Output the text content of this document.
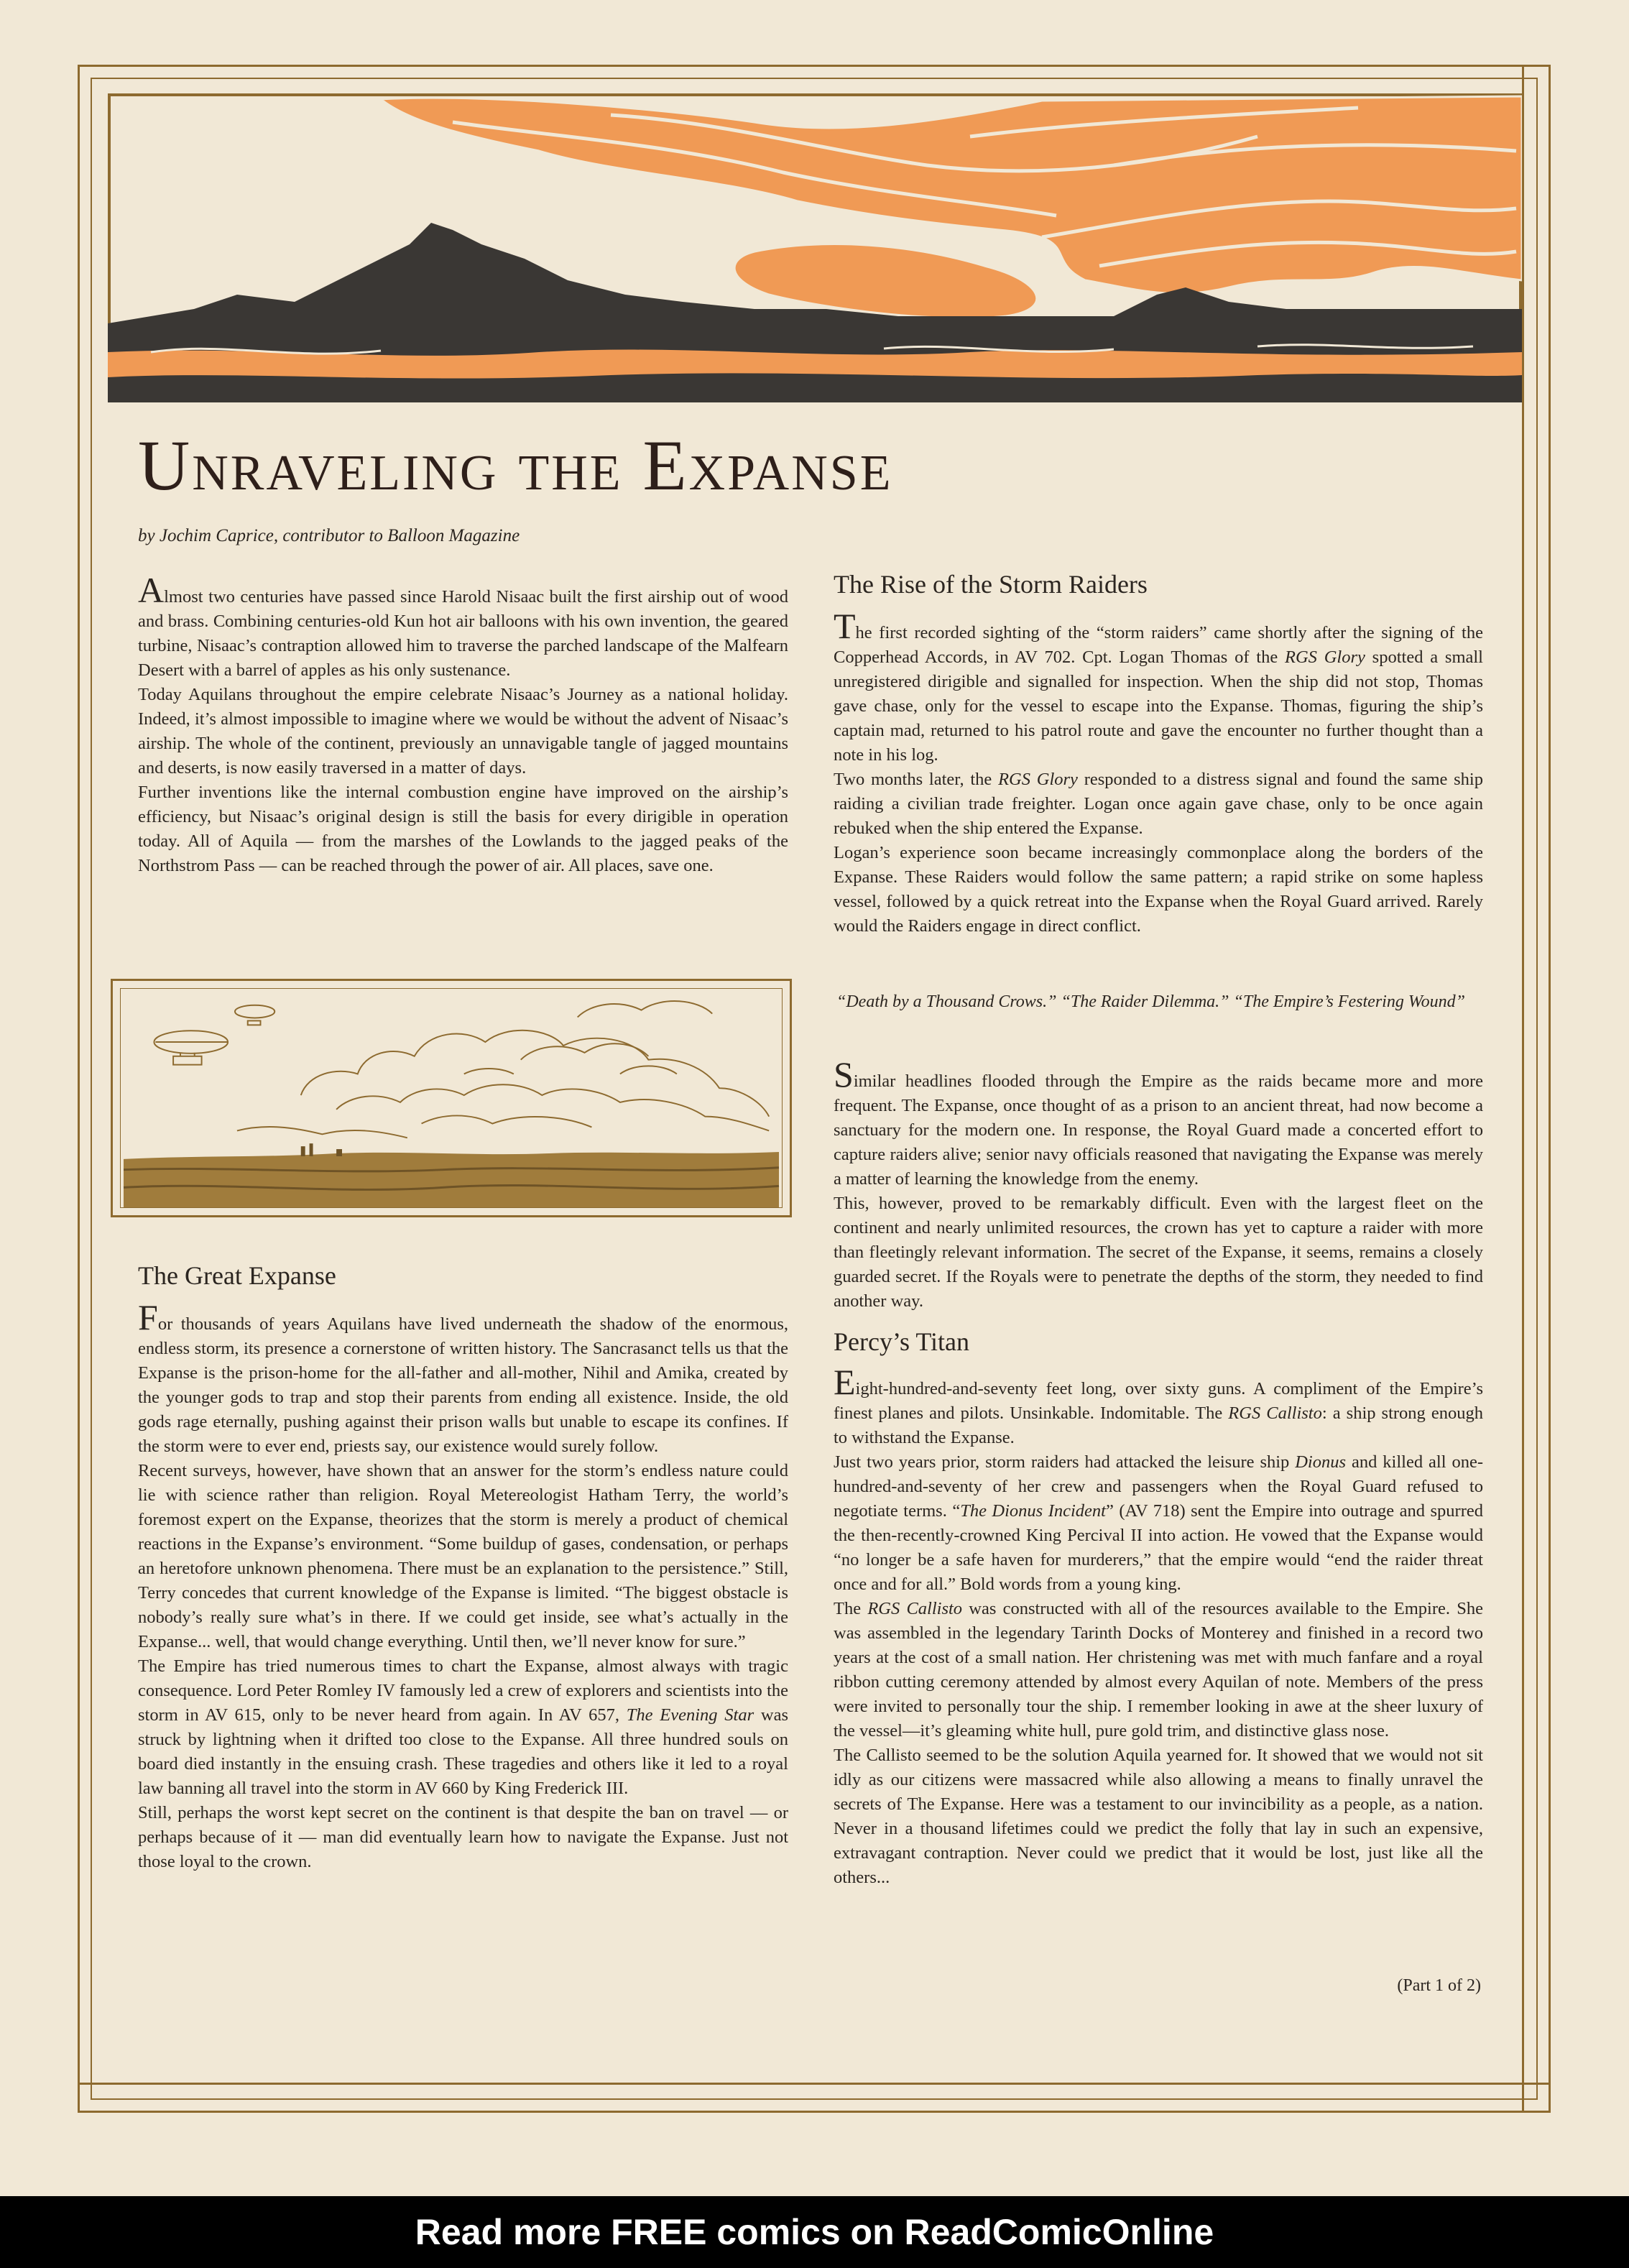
Unraveling the Expanse
by Jochim Caprice, contributor to Balloon Magazine

Almost two centuries have passed since Harold Nisaac built the first airship out of wood and brass. Combining centuries-old Kun hot air balloons with his own invention, the geared turbine, Nisaac’s contraption allowed him to traverse the parched landscape of the Malfearn Desert with a barrel of apples as his only sustenance.

Today Aquilans throughout the empire celebrate Nisaac’s Journey as a national holiday. Indeed, it’s almost impossible to imagine where we would be without the advent of Nisaac’s airship. The whole of the continent, previously an unnavigable tangle of jagged mountains and deserts, is now easily traversed in a matter of days.

Further inventions like the internal combustion engine have improved on the airship’s efficiency, but Nisaac’s original design is still the basis for every dirigible in operation today. All of Aquila — from the marshes of the Lowlands to the jagged peaks of the Northstrom Pass — can be reached through the power of air. All places, save one.

The Great Expanse

For thousands of years Aquilans have lived underneath the shadow of the enormous, endless storm, its presence a cornerstone of written history. The Sancrasanct tells us that the Expanse is the prison-home for the all-father and all-mother, Nihil and Amika, created by the younger gods to trap and stop their parents from ending all existence. Inside, the old gods rage eternally, pushing against their prison walls but unable to escape its confines. If the storm were to ever end, priests say, our existence would surely follow.

Recent surveys, however, have shown that an answer for the storm’s endless nature could lie with science rather than religion. Royal Metereologist Hatham Terry, the world’s foremost expert on the Expanse, theorizes that the storm is merely a product of chemical reactions in the Expanse’s environment. “Some buildup of gases, condensation, or perhaps an heretofore unknown phenomena. There must be an explanation to the persistence.” Still, Terry concedes that current knowledge of the Expanse is limited. “The biggest obstacle is nobody’s really sure what’s in there. If we could get inside, see what’s actually in the Expanse... well, that would change everything. Until then, we’ll never know for sure.”

The Empire has tried numerous times to chart the Expanse, almost always with tragic consequence. Lord Peter Romley IV famously led a crew of explorers and scientists into the storm in AV 615, only to be never heard from again. In AV 657, The Evening Star was struck by lightning when it drifted too close to the Expanse. All three hundred souls on board died instantly in the ensuing crash. These tragedies and others like it led to a royal law banning all travel into the storm in AV 660 by King Frederick III.

Still, perhaps the worst kept secret on the continent is that despite the ban on travel — or perhaps because of it — man did eventually learn how to navigate the Expanse. Just not those loyal to the crown.

The Rise of the Storm Raiders

The first recorded sighting of the “storm raiders” came shortly after the signing of the Copperhead Accords, in AV 702. Cpt. Logan Thomas of the RGS Glory spotted a small unregistered dirigible and signalled for inspection. When the ship did not stop, Thomas gave chase, only for the vessel to escape into the Expanse. Thomas, figuring the ship’s captain mad, returned to his patrol route and gave the encounter no further thought than a note in his log.

Two months later, the RGS Glory responded to a distress signal and found the same ship raiding a civilian trade freighter. Logan once again gave chase, only to be once again rebuked when the ship entered the Expanse.

Logan’s experience soon became increasingly commonplace along the borders of the Expanse. These Raiders would follow the same pattern; a rapid strike on some hapless vessel, followed by a quick retreat into the Expanse when the Royal Guard arrived. Rarely would the Raiders engage in direct conflict.

“Death by a Thousand Crows.” “The Raider Dilemma.” “The Empire’s Festering Wound”

Similar headlines flooded through the Empire as the raids became more and more frequent. The Expanse, once thought of as a prison to an ancient threat, had now become a sanctuary for the modern one. In response, the Royal Guard made a concerted effort to capture raiders alive; senior navy officials reasoned that navigating the Expanse was merely a matter of learning the knowledge from the enemy.

This, however, proved to be remarkably difficult. Even with the largest fleet on the continent and nearly unlimited resources, the crown has yet to capture a raider with more than fleetingly relevant information. The secret of the Expanse, it seems, remains a closely guarded secret. If the Royals were to penetrate the depths of the storm, they needed to find another way.

Percy’s Titan

Eight-hundred-and-seventy feet long, over sixty guns. A compliment of the Empire’s finest planes and pilots. Unsinkable. Indomitable. The RGS Callisto: a ship strong enough to withstand the Expanse.

Just two years prior, storm raiders had attacked the leisure ship Dionus and killed all one-hundred-and-seventy of her crew and passengers when the Royal Guard refused to negotiate terms. “The Dionus Incident” (AV 718) sent the Empire into outrage and spurred the then-recently-crowned King Percival II into action. He vowed that the Expanse would “no longer be a safe haven for murderers,” that the empire would “end the raider threat once and for all.” Bold words from a young king.

The RGS Callisto was constructed with all of the resources available to the Empire. She was assembled in the legendary Tarinth Docks of Monterey and finished in a record two years at the cost of a small nation. Her christening was met with much fanfare and a royal ribbon cutting ceremony attended by almost every Aquilan of note. Members of the press were invited to personally tour the ship. I remember looking in awe at the sheer luxury of the vessel—it’s gleaming white hull, pure gold trim, and distinctive glass nose.

The Callisto seemed to be the solution Aquila yearned for. It showed that we would not sit idly as our citizens were massacred while also allowing a means to finally unravel the secrets of The Expanse. Here was a testament to our invincibility as a people, as a nation. Never in a thousand lifetimes could we predict the folly that lay in such an expensive, extravagant contraption. Never could we predict that it would be lost, just like all the others...

(Part 1 of 2)
Read more FREE comics on ReadComicOnline
